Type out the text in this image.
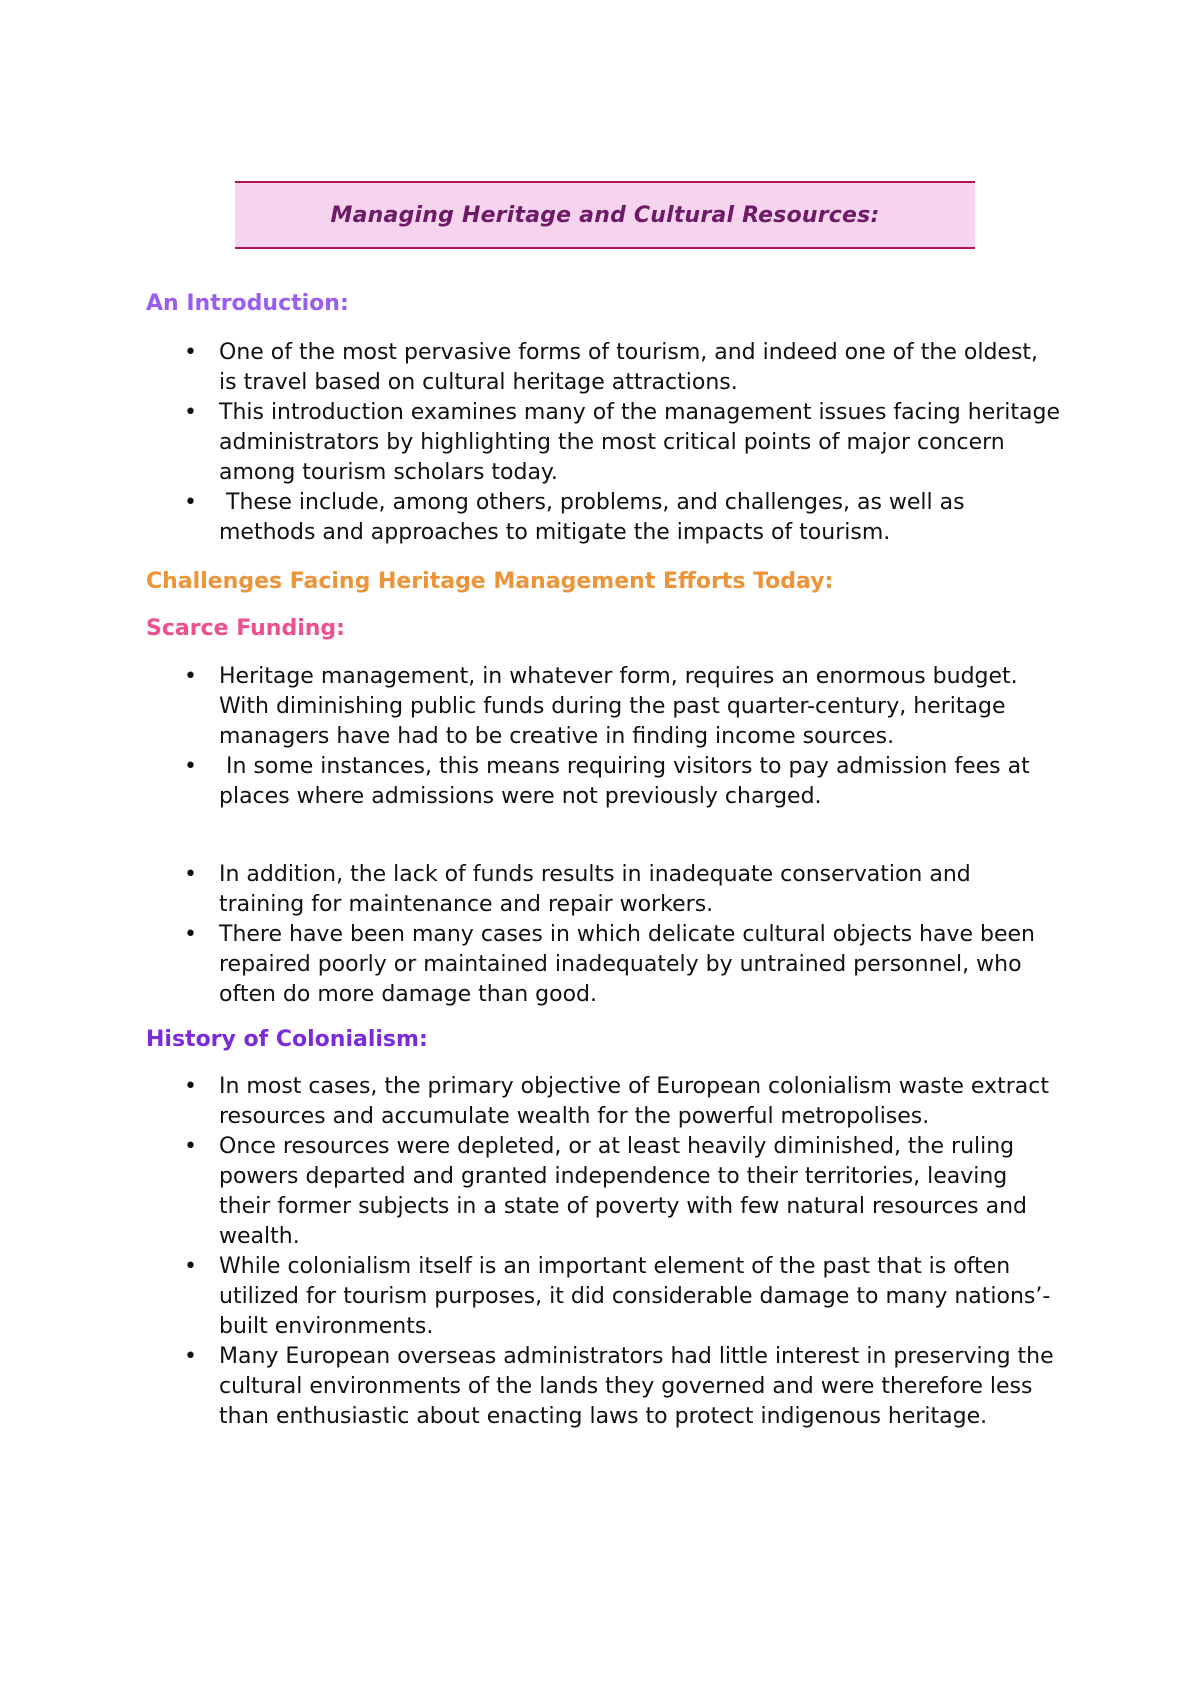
Managing Heritage and Cultural Resources:
An Introduction:
• One of the most pervasive forms of tourism, and indeed one of the oldest, is travel based on cultural heritage attractions.
• This introduction examines many of the management issues facing heritage administrators by highlighting the most critical points of major concern among tourism scholars today.
• These include, among others, problems, and challenges, as well as methods and approaches to mitigate the impacts of tourism.
Challenges Facing Heritage Management Efforts Today:
Scarce Funding:
• Heritage management, in whatever form, requires an enormous budget. With diminishing public funds during the past quarter-century, heritage managers have had to be creative in finding income sources.
• In some instances, this means requiring visitors to pay admission fees at places where admissions were not previously charged.
• In addition, the lack of funds results in inadequate conservation and training for maintenance and repair workers.
• There have been many cases in which delicate cultural objects have been repaired poorly or maintained inadequately by untrained personnel, who often do more damage than good.
History of Colonialism:
• In most cases, the primary objective of European colonialism waste extract resources and accumulate wealth for the powerful metropolises.
• Once resources were depleted, or at least heavily diminished, the ruling powers departed and granted independence to their territories, leaving their former subjects in a state of poverty with few natural resources and wealth.
• While colonialism itself is an important element of the past that is often utilized for tourism purposes, it did considerable damage to many nations’-built environments.
• Many European overseas administrators had little interest in preserving the cultural environments of the lands they governed and were therefore less than enthusiastic about enacting laws to protect indigenous heritage.
